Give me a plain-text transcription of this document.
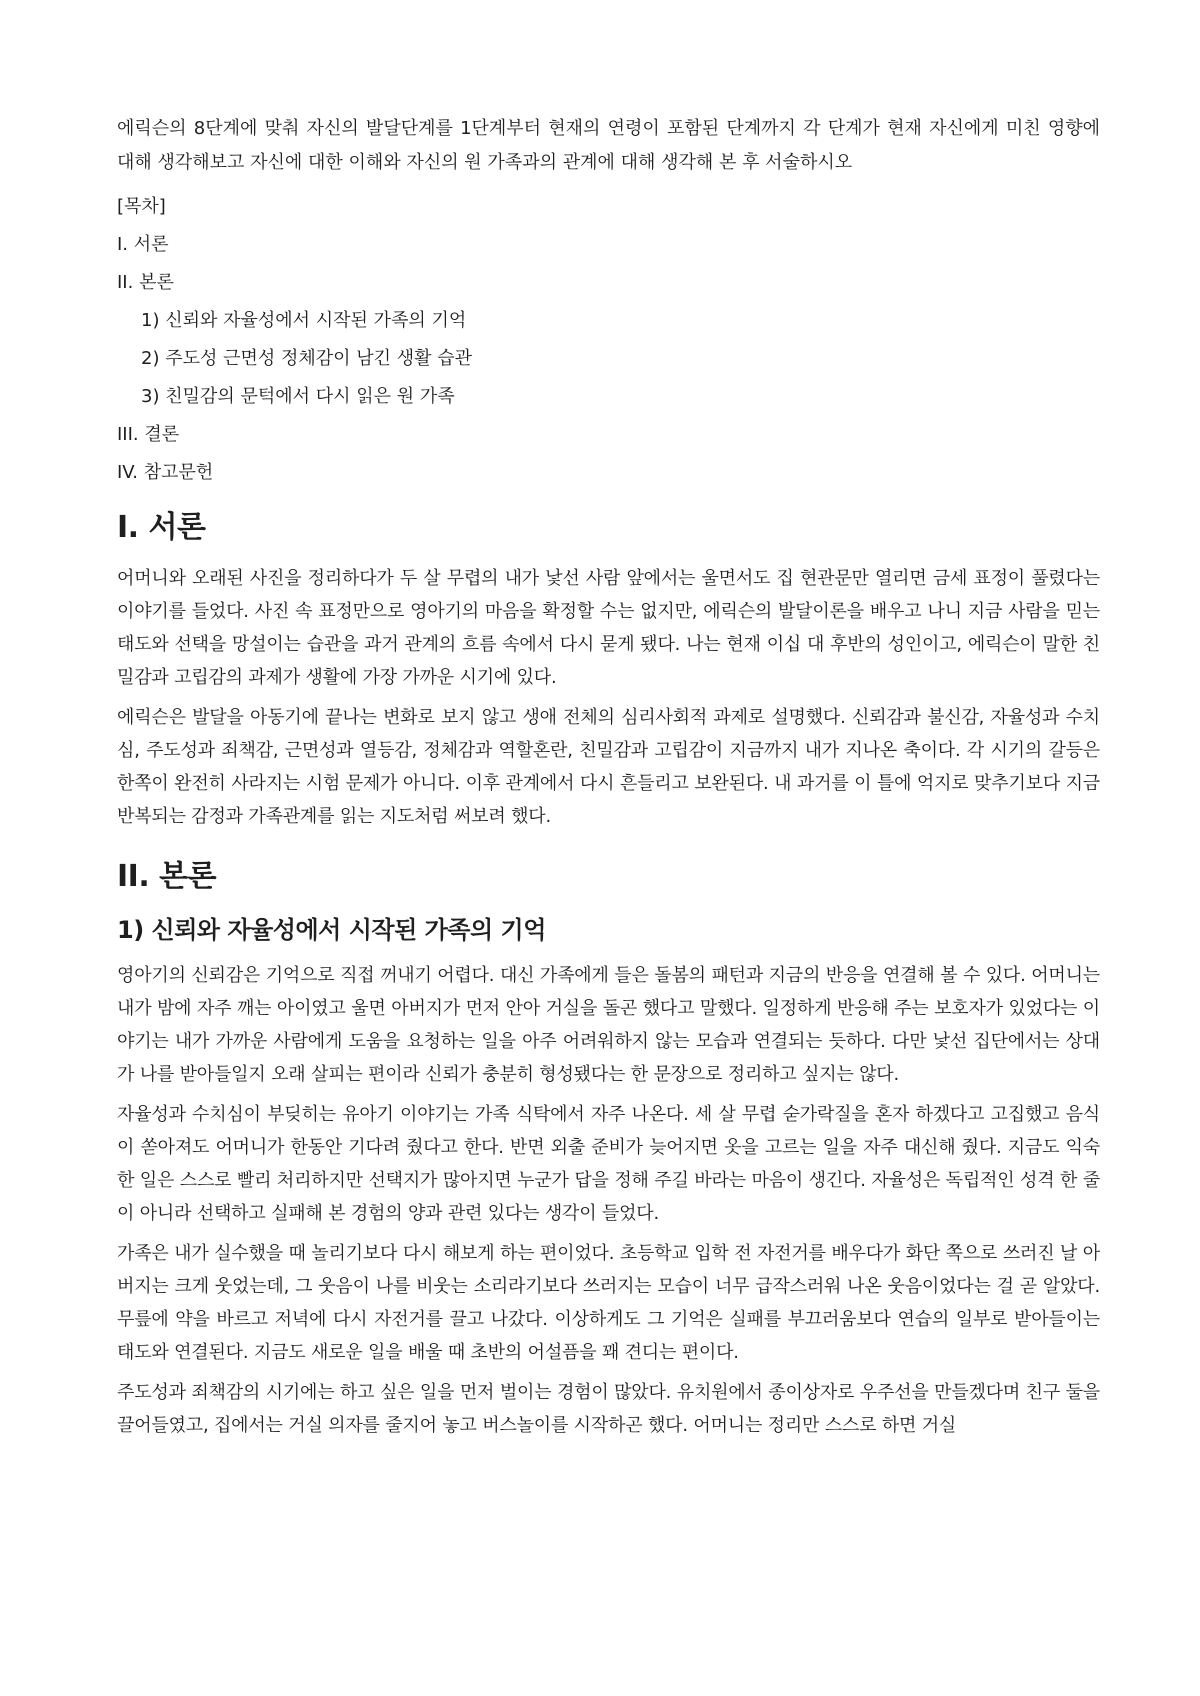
에릭슨의 8단계에 맞춰 자신의 발달단계를 1단계부터 현재의 연령이 포함된 단계까지 각 단계가 현재 자신에게 미친 영향에 대해 생각해보고 자신에 대한 이해와 자신의 원 가족과의 관계에 대해 생각해 본 후 서술하시오

[목차]
I. 서론
II. 본론
1) 신뢰와 자율성에서 시작된 가족의 기억
2) 주도성 근면성 정체감이 남긴 생활 습관
3) 친밀감의 문턱에서 다시 읽은 원 가족
III. 결론
IV. 참고문헌
I. 서론

어머니와 오래된 사진을 정리하다가 두 살 무렵의 내가 낯선 사람 앞에서는 울면서도 집 현관문만 열리면 금세 표정이 풀렸다는 이야기를 들었다. 사진 속 표정만으로 영아기의 마음을 확정할 수는 없지만, 에릭슨의 발달이론을 배우고 나니 지금 사람을 믿는 태도와 선택을 망설이는 습관을 과거 관계의 흐름 속에서 다시 묻게 됐다. 나는 현재 이십 대 후반의 성인이고, 에릭슨이 말한 친밀감과 고립감의 과제가 생활에 가장 가까운 시기에 있다.

에릭슨은 발달을 아동기에 끝나는 변화로 보지 않고 생애 전체의 심리사회적 과제로 설명했다. 신뢰감과 불신감, 자율성과 수치심, 주도성과 죄책감, 근면성과 열등감, 정체감과 역할혼란, 친밀감과 고립감이 지금까지 내가 지나온 축이다. 각 시기의 갈등은 한쪽이 완전히 사라지는 시험 문제가 아니다. 이후 관계에서 다시 흔들리고 보완된다. 내 과거를 이 틀에 억지로 맞추기보다 지금 반복되는 감정과 가족관계를 읽는 지도처럼 써보려 했다.

II. 본론
1) 신뢰와 자율성에서 시작된 가족의 기억

영아기의 신뢰감은 기억으로 직접 꺼내기 어렵다. 대신 가족에게 들은 돌봄의 패턴과 지금의 반응을 연결해 볼 수 있다. 어머니는 내가 밤에 자주 깨는 아이였고 울면 아버지가 먼저 안아 거실을 돌곤 했다고 말했다. 일정하게 반응해 주는 보호자가 있었다는 이야기는 내가 가까운 사람에게 도움을 요청하는 일을 아주 어려워하지 않는 모습과 연결되는 듯하다. 다만 낯선 집단에서는 상대가 나를 받아들일지 오래 살피는 편이라 신뢰가 충분히 형성됐다는 한 문장으로 정리하고 싶지는 않다.

자율성과 수치심이 부딪히는 유아기 이야기는 가족 식탁에서 자주 나온다. 세 살 무렵 숟가락질을 혼자 하겠다고 고집했고 음식이 쏟아져도 어머니가 한동안 기다려 줬다고 한다. 반면 외출 준비가 늦어지면 옷을 고르는 일을 자주 대신해 줬다. 지금도 익숙한 일은 스스로 빨리 처리하지만 선택지가 많아지면 누군가 답을 정해 주길 바라는 마음이 생긴다. 자율성은 독립적인 성격 한 줄이 아니라 선택하고 실패해 본 경험의 양과 관련 있다는 생각이 들었다.

가족은 내가 실수했을 때 놀리기보다 다시 해보게 하는 편이었다. 초등학교 입학 전 자전거를 배우다가 화단 쪽으로 쓰러진 날 아버지는 크게 웃었는데, 그 웃음이 나를 비웃는 소리라기보다 쓰러지는 모습이 너무 급작스러워 나온 웃음이었다는 걸 곧 알았다. 무릎에 약을 바르고 저녁에 다시 자전거를 끌고 나갔다. 이상하게도 그 기억은 실패를 부끄러움보다 연습의 일부로 받아들이는 태도와 연결된다. 지금도 새로운 일을 배울 때 초반의 어설픔을 꽤 견디는 편이다.

주도성과 죄책감의 시기에는 하고 싶은 일을 먼저 벌이는 경험이 많았다. 유치원에서 종이상자로 우주선을 만들겠다며 친구 둘을 끌어들였고, 집에서는 거실 의자를 줄지어 놓고 버스놀이를 시작하곤 했다. 어머니는 정리만 스스로 하면 거실
